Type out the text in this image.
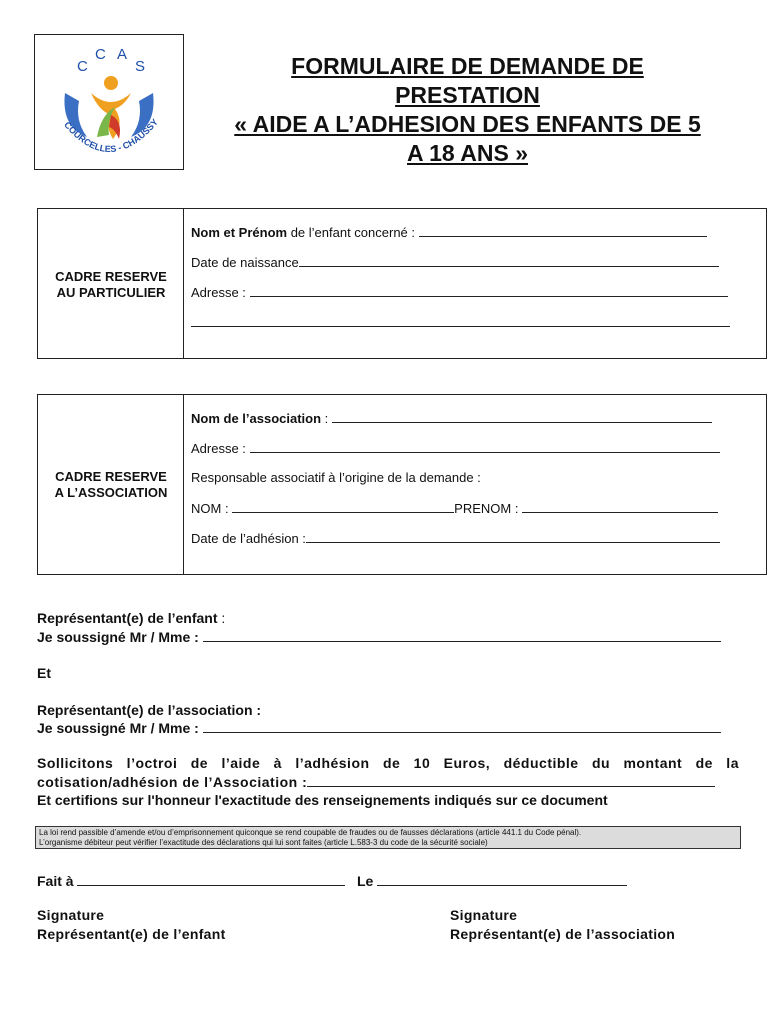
C
C A
S
COURCELLES - CHAUSSY
FORMULAIRE DE DEMANDE DE
PRESTATION
« AIDE A L’ADHESION DES ENFANTS DE 5
A 18 ANS »
CADRE RESERVE
AU PARTICULIER
Nom et Prénom de l’enfant concerné :
Date de naissance
Adresse :
CADRE RESERVE
A L’ASSOCIATION
Nom de l’association :
Adresse :
Responsable associatif à l’origine de la demande :
NOM :	PRENOM :
Date de l’adhésion :
Représentant(e) de l’enfant :
Je soussigné Mr / Mme :
Et
Représentant(e) de l’association :
Je soussigné Mr / Mme :
Sollicitons l’octroi de l’aide à l’adhésion de 10 Euros, déductible du montant de la
cotisation/adhésion de l’Association :
Et certifions sur l'honneur l'exactitude des renseignements indiqués sur ce document
La loi rend passible d’amende et/ou d’emprisonnement quiconque se rend coupable de fraudes ou de fausses déclarations (article 441.1 du Code pénal).
L’organisme débiteur peut vérifier l’exactitude des déclarations qui lui sont faites (article L.583-3 du code de la sécurité sociale)
Fait à	Le
Signature
Représentant(e) de l’enfant
Signature
Représentant(e) de l’association
